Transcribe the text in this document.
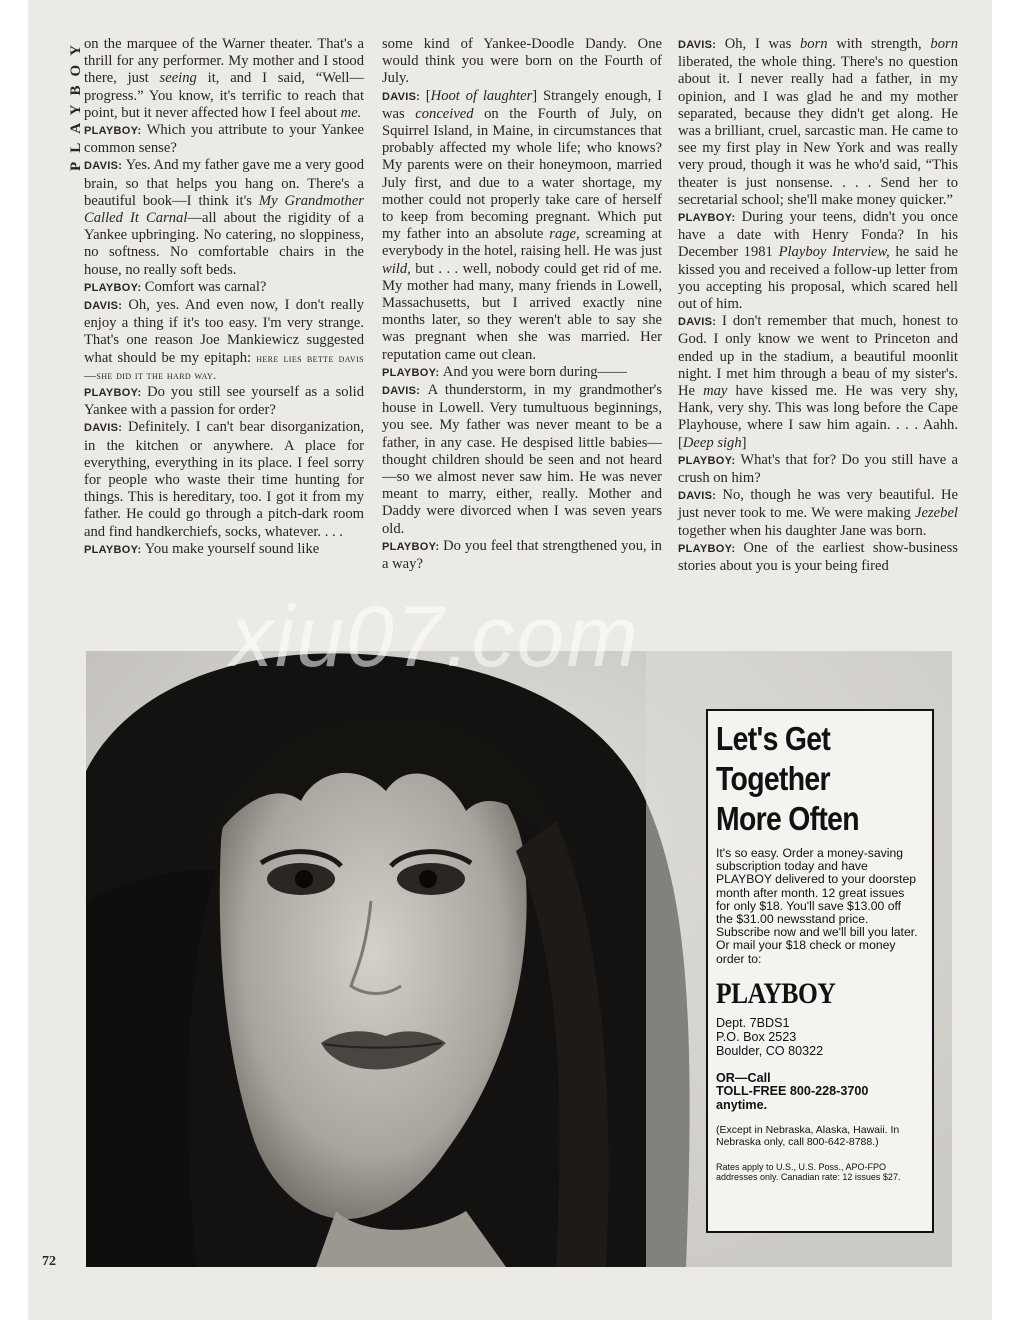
PLAYBOY on the marquee of the Warner theater. That's a thrill for any performer. My mother and I stood there, just seeing it, and I said, “Well—progress.” You know, it's terrific to reach that point, but it never affected how I feel about me.

PLAYBOY: Which you attribute to your Yankee common sense?

DAVIS: Yes. And my father gave me a very good brain, so that helps you hang on. There's a beautiful book—I think it's My Grandmother Called It Carnal—all about the rigidity of a Yankee upbringing. No catering, no sloppiness, no softness. No comfortable chairs in the house, no really soft beds.

PLAYBOY: Comfort was carnal?

DAVIS: Oh, yes. And even now, I don't really enjoy a thing if it's too easy. I'm very strange. That's one reason Joe Mankiewicz suggested what should be my epitaph: here lies bette davis—she did it the hard way.

PLAYBOY: Do you still see yourself as a solid Yankee with a passion for order?

DAVIS: Definitely. I can't bear disorganization, in the kitchen or anywhere. A place for everything, everything in its place. I feel sorry for people who waste their time hunting for things. This is hereditary, too. I got it from my father. He could go through a pitch-dark room and find handkerchiefs, socks, whatever. . . .

PLAYBOY: You make yourself sound like

some kind of Yankee-Doodle Dandy. One would think you were born on the Fourth of July.

DAVIS: [Hoot of laughter] Strangely enough, I was conceived on the Fourth of July, on Squirrel Island, in Maine, in circumstances that probably affected my whole life; who knows? My parents were on their honeymoon, married July first, and due to a water shortage, my mother could not properly take care of herself to keep from becoming pregnant. Which put my father into an absolute rage, screaming at everybody in the hotel, raising hell. He was just wild, but . . . well, nobody could get rid of me. My mother had many, many friends in Lowell, Massachusetts, but I arrived exactly nine months later, so they weren't able to say she was pregnant when she was married. Her reputation came out clean.

PLAYBOY: And you were born during——

DAVIS: A thunderstorm, in my grandmother's house in Lowell. Very tumultuous beginnings, you see. My father was never meant to be a father, in any case. He despised little babies—thought children should be seen and not heard—so we almost never saw him. He was never meant to marry, either, really. Mother and Daddy were divorced when I was seven years old.

PLAYBOY: Do you feel that strengthened you, in a way?

DAVIS: Oh, I was born with strength, born liberated, the whole thing. There's no question about it. I never really had a father, in my opinion, and I was glad he and my mother separated, because they didn't get along. He was a brilliant, cruel, sarcastic man. He came to see my first play in New York and was really very proud, though it was he who'd said, “This theater is just nonsense. . . . Send her to secretarial school; she'll make money quicker.”

PLAYBOY: During your teens, didn't you once have a date with Henry Fonda? In his December 1981 Playboy Interview, he said he kissed you and received a follow-up letter from you accepting his proposal, which scared hell out of him.

DAVIS: I don't remember that much, honest to God. I only know we went to Princeton and ended up in the stadium, a beautiful moonlit night. I met him through a beau of my sister's. He may have kissed me. He was very shy, Hank, very shy. This was long before the Cape Playhouse, where I saw him again. . . . Aahh. [Deep sigh]

PLAYBOY: What's that for? Do you still have a crush on him?

DAVIS: No, though he was very beautiful. He just never took to me. We were making Jezebel together when his daughter Jane was born.

PLAYBOY: One of the earliest show-business stories about you is your being fired

Let's Get
Together
More Often
It's so easy. Order a money-saving subscription today and have PLAYBOY delivered to your doorstep month after month. 12 great issues for only $18. You'll save $13.00 off the $31.00 newsstand price. Subscribe now and we'll bill you later. Or mail your $18 check or money order to:
PLAYBOY
Dept. 7BDS1
P.O. Box 2523
Boulder, CO 80322
OR—Call
TOLL-FREE 800-228-3700
anytime.
(Except in Nebraska, Alaska, Hawaii. In Nebraska only, call 800-642-8788.)
Rates apply to U.S., U.S. Poss., APO-FPO addresses only. Canadian rate: 12 issues $27.
72
xiu07.com
